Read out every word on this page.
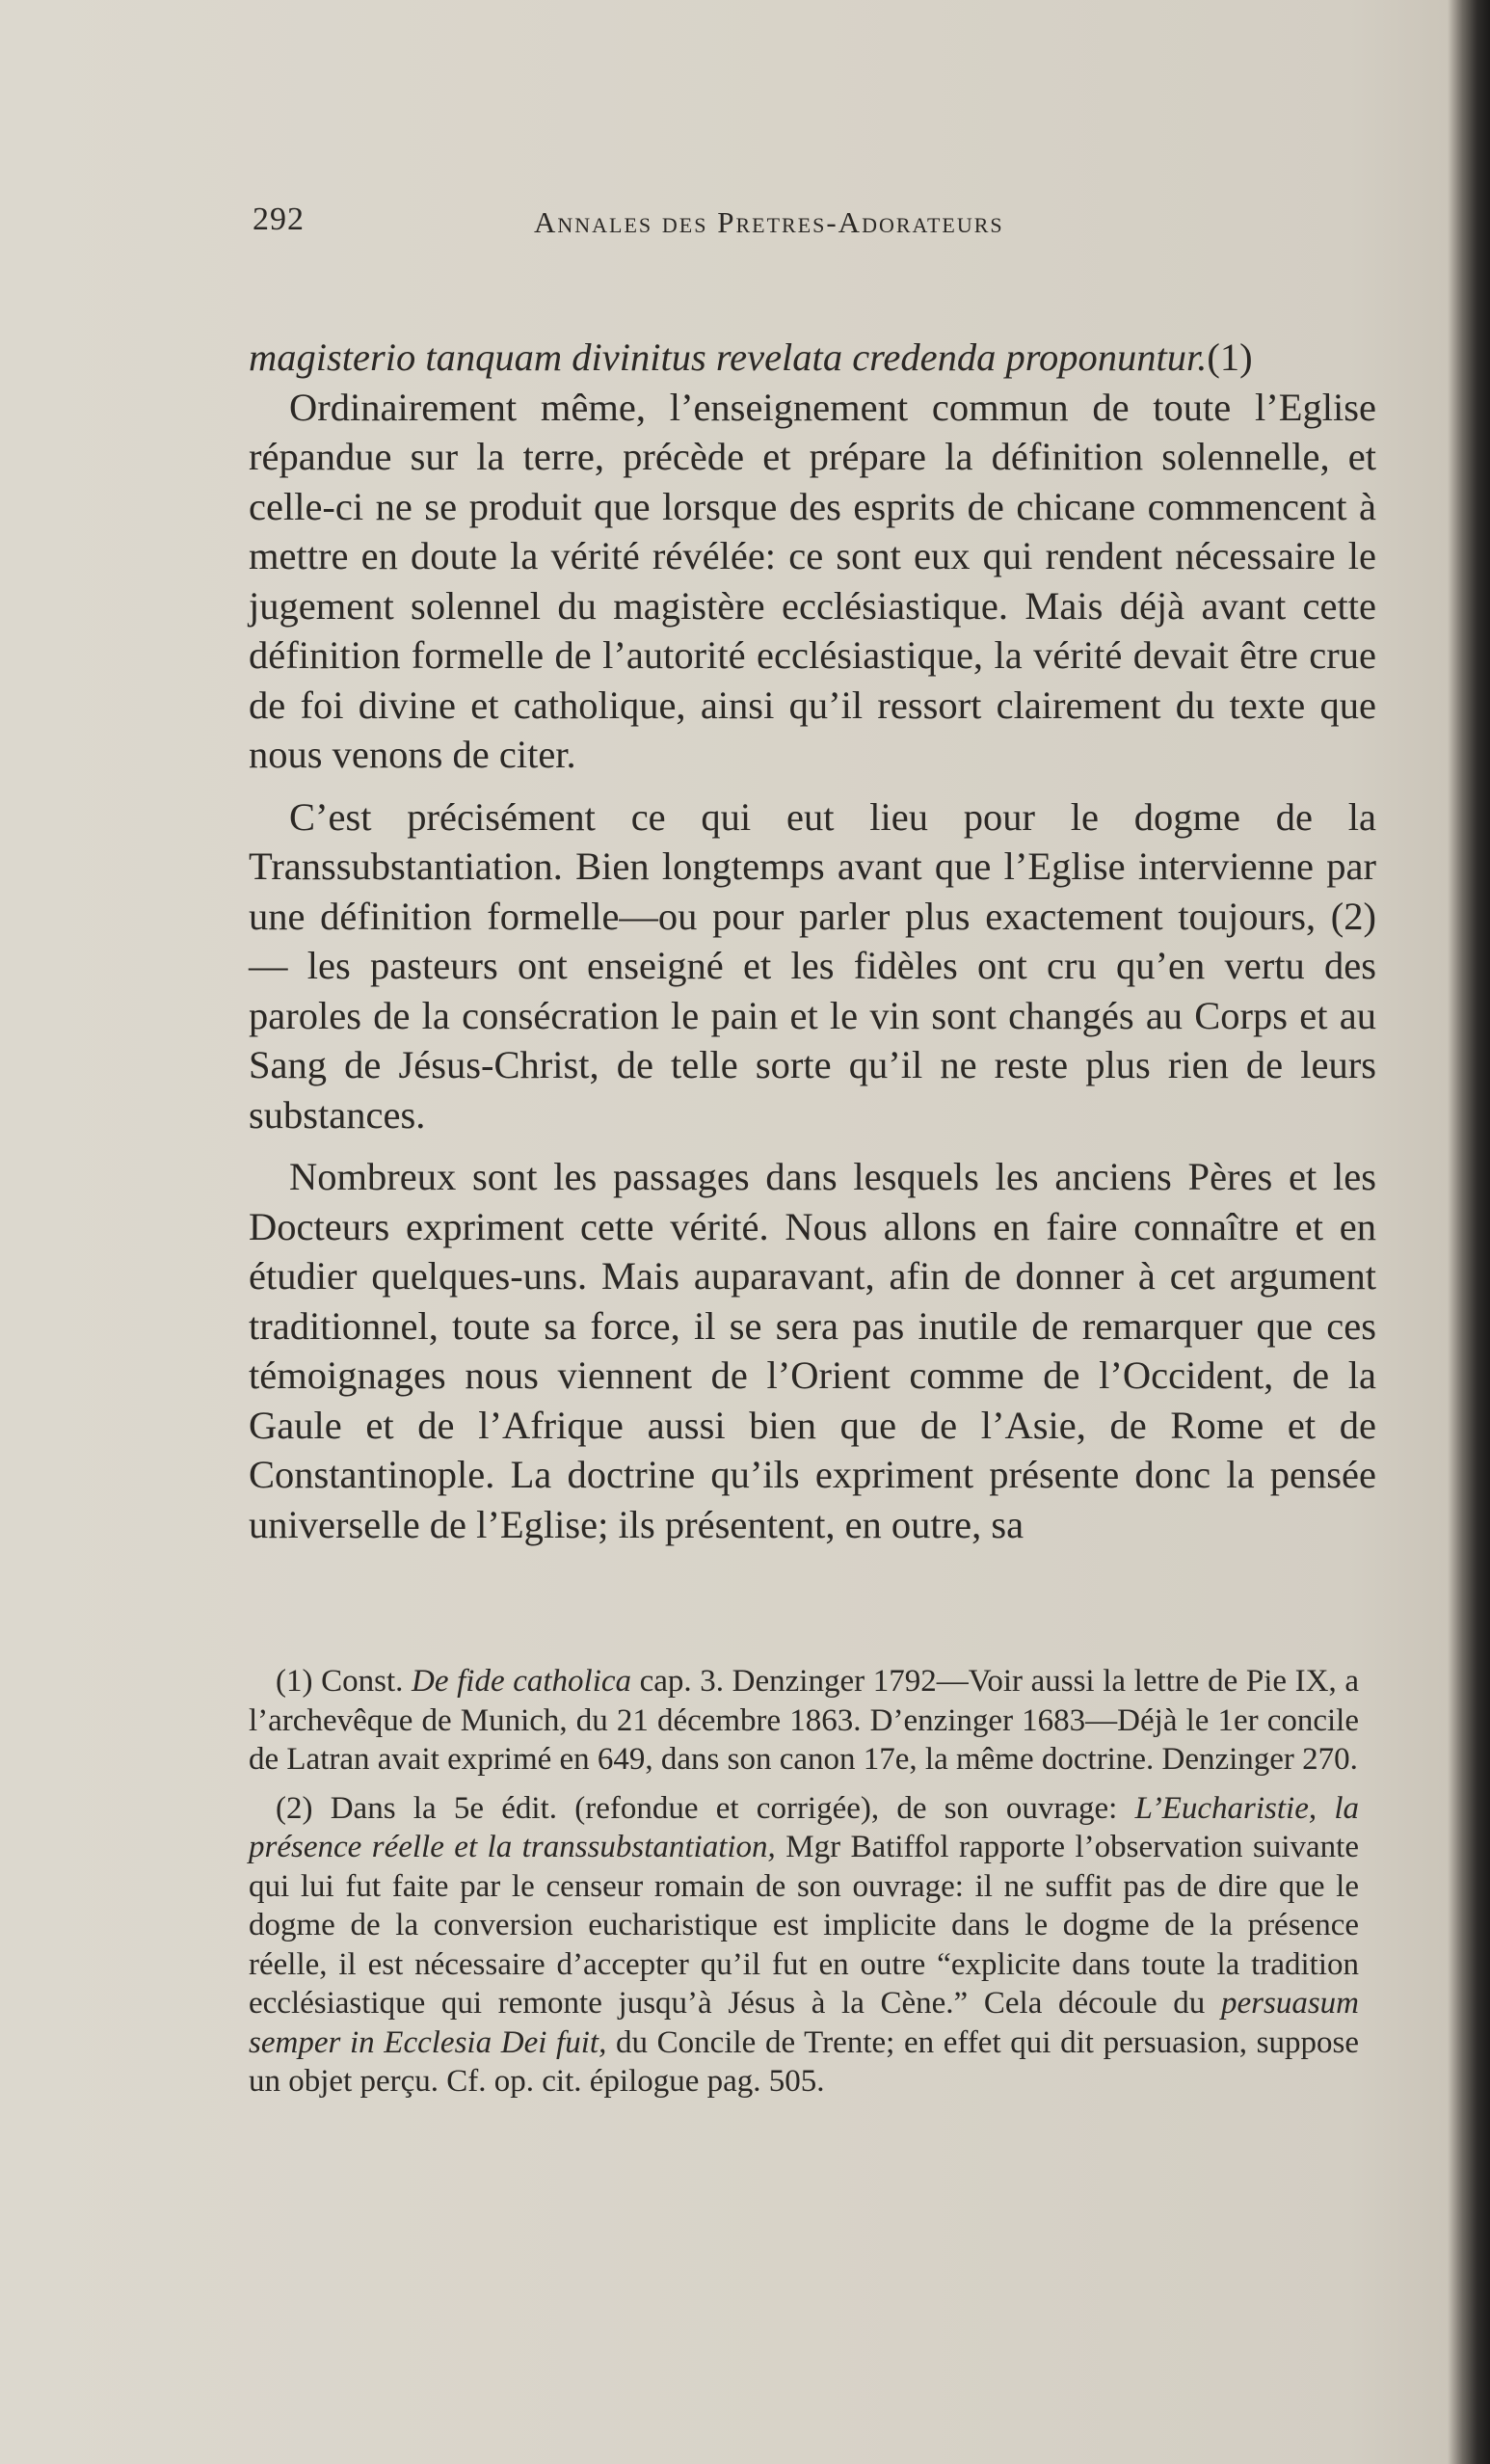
292	Annales des Pretres-Adorateurs

magisterio tanquam divinitus revelata credenda proponuntur.(1)

Ordinairement même, l’enseignement commun de toute l’Eglise répandue sur la terre, précède et prépare la définition solennelle, et celle-ci ne se produit que lorsque des esprits de chicane commencent à mettre en doute la vérité révélée: ce sont eux qui rendent nécessaire le jugement solennel du magistère ecclésiastique. Mais déjà avant cette définition formelle de l’autorité ecclésiastique, la vérité devait être crue de foi divine et catholique, ainsi qu’il ressort clairement du texte que nous venons de citer.

C’est précisément ce qui eut lieu pour le dogme de la Transsubstantiation. Bien longtemps avant que l’Eglise intervienne par une définition formelle—ou pour parler plus exactement toujours, (2) — les pasteurs ont enseigné et les fidèles ont cru qu’en vertu des paroles de la consécration le pain et le vin sont changés au Corps et au Sang de Jésus-Christ, de telle sorte qu’il ne reste plus rien de leurs substances.

Nombreux sont les passages dans lesquels les anciens Pères et les Docteurs expriment cette vérité. Nous allons en faire connaître et en étudier quelques-uns. Mais auparavant, afin de donner à cet argument traditionnel, toute sa force, il se sera pas inutile de remarquer que ces témoignages nous viennent de l’Orient comme de l’Occident, de la Gaule et de l’Afrique aussi bien que de l’Asie, de Rome et de Constantinople. La doctrine qu’ils expriment présente donc la pensée universelle de l’Eglise; ils présentent, en outre, sa

(1) Const. De fide catholica cap. 3. Denzinger 1792—Voir aussi la lettre de Pie IX, a l’archevêque de Munich, du 21 décembre 1863. D’enzinger 1683—Déjà le 1er concile de Latran avait exprimé en 649, dans son canon 17e, la même doctrine. Denzinger 270.

(2) Dans la 5e édit. (refondue et corrigée), de son ouvrage: L’Eucharistie, la présence réelle et la transsubstantiation, Mgr Batiffol rapporte l’observation suivante qui lui fut faite par le censeur romain de son ouvrage: il ne suffit pas de dire que le dogme de la conversion eucharistique est implicite dans le dogme de la présence réelle, il est nécessaire d’accepter qu’il fut en outre “explicite dans toute la tradition ecclésiastique qui remonte jusqu’à Jésus à la Cène.” Cela découle du persuasum semper in Ecclesia Dei fuit, du Concile de Trente; en effet qui dit persuasion, suppose un objet perçu. Cf. op. cit. épilogue pag. 505.
